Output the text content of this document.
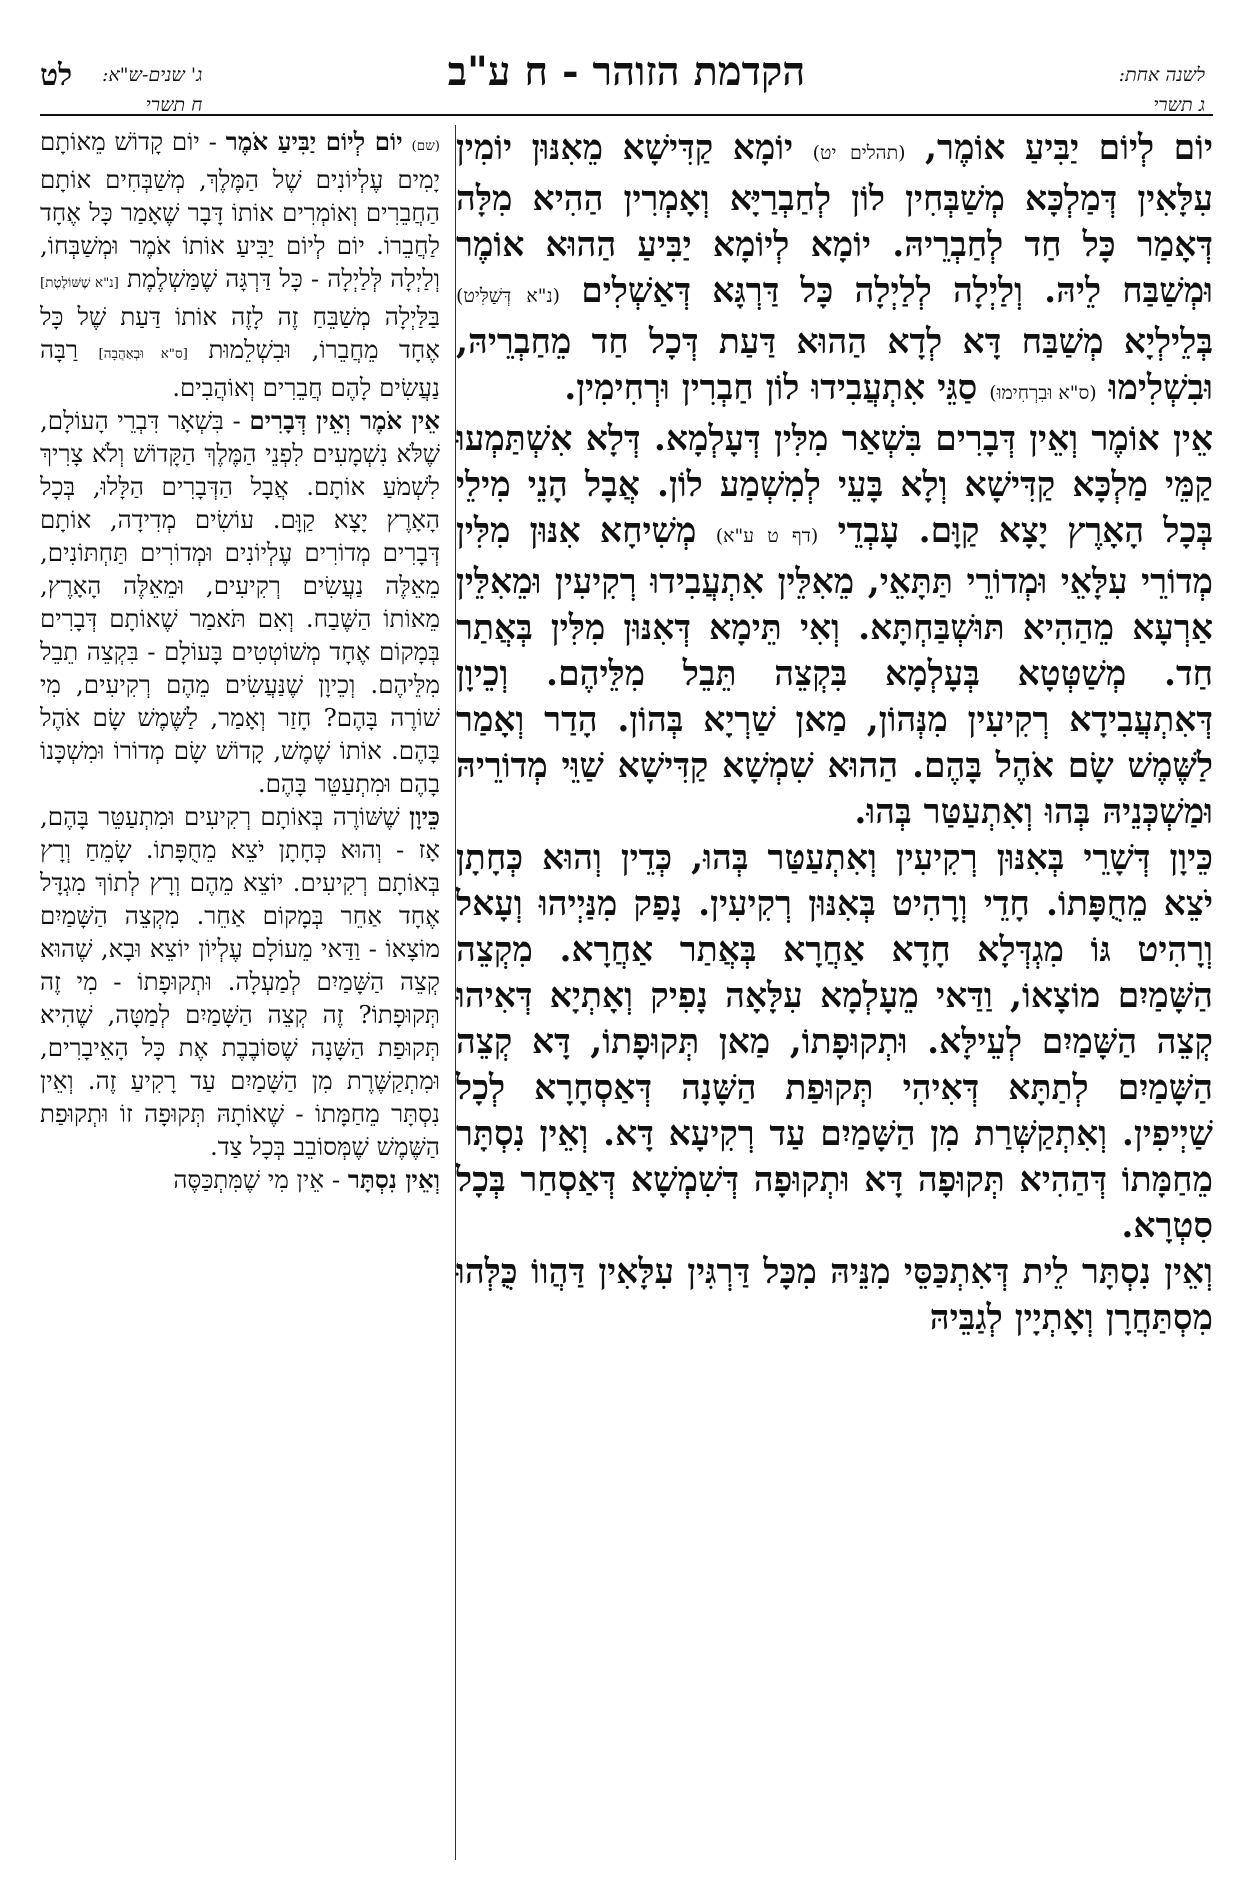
לט ג' שנים-ש"א:
ח תשרי
הקדמת הזוהר - ח ע"ב	לשנה אחת:
ג תשרי

יוֹם לְיוֹם יַבִּיעַ אוֹמֶר, (תהלים יט) יוֹמָא קַדִּישָׁא מֵאִנּוּן יוֹמִין עִלָּאִין דְּמַלְכָּא מְשַׁבְּחִין לוֹן לְחַבְרַיָּא וְאָמְרִין הַהִיא מִלָּה דְּאָמַר כָּל חַד לְחַבְרֵיהּ. יוֹמָא לְיוֹמָא יַבִּיעַ הַהוּא אוֹמֶר וּמְשַׁבַּח לֵיהּ. וְלַיְלָה לְלַיְלָה כָּל דַּרְגָּא דְּאַשְׁלִים (נ"א דְּשַׁלִּיט) בְּלֵילְיָא מְשַׁבַּח דָּא לְדָא הַהוּא דַּעַת דְּכָל חַד מֵחַבְרֵיהּ, וּבִשְׁלִימוּ (ס"א וּבִרְחִימוּ) סַגֵּי אִתְעֲבִידוּ לוֹן חַבְרִין וּרְחִימִין.

אֵין אוֹמֶר וְאֵין דְּבָרִים בִּשְׁאַר מִלִּין דְּעָלְמָא. דְּלָא אִשְׁתַּמְעוּ קַמֵּי מַלְכָּא קַדִּישָׁא וְלָא בָּעֵי לְמִשְׁמַע לוֹן. אֲבָל הָנֵי מִילֵי בְּכָל הָאָרֶץ יָצָא קַוָּם. עָבְדֵי (דף ט ע"א) מְשִׁיחָא אִנּוּן מִלִּין מְדוֹרֵי עִלָּאֵי וּמְדוֹרֵי תַּתָּאֵי, מֵאִלֵּין אִתְעֲבִידוּ רְקִיעִין וּמֵאִלֵּין אַרְעָא מֵהַהִיא תּוּשְׁבַּחְתָּא. וְאִי תֵּימָא דְּאִנּוּן מִלִּין בְּאֲתַר חַד. מְשַׁטְּטָא בְּעָלְמָא בִּקְצֵה תֵּבֵל מִלֵּיהֶם. וְכֵיוָן דְּאִתְעֲבִידָא רְקִיעִין מִנְּהוֹן, מַאן שַׁרְיָא בְּהוֹן. הָדַר וְאָמַר לַשֶּׁמֶשׁ שָׂם אֹהֶל בָּהֶם. הַהוּא שִׁמְשָׁא קַדִּישָׁא שַׁוֵּי מְדוֹרֵיהּ וּמַשְׁכְּנֵיהּ בְּהוּ וְאִתְעַטַּר בְּהוּ.

כֵּיוָן דְּשָׁרֵי בְּאִנּוּן רְקִיעִין וְאִתְעַטַּר בְּהוּ, כְּדֵין וְהוּא כְּחָתָן יֹצֵא מֵחֻפָּתוֹ. חָדֵי וְרָהִיט בְּאִנּוּן רְקִיעִין. נָפַק מִנַּיְיהוּ וְעָאל וְרָהִיט גּוֹ מִגְדְּלָא חָדָא אַחֲרָא בְּאֲתַר אַחֲרָא. מִקְצֵה הַשָּׁמַיִם מוֹצָאוֹ, וַדַּאי מֵעָלְמָא עִלָּאָה נָפִיק וְאָתְיָא דְּאִיהוּ קְצֵה הַשָּׁמַיִם לְעֵילָּא. וּתְקוּפָתוֹ, מַאן תְּקוּפָתוֹ, דָּא קְצֵה הַשָּׁמַיִם לְתַתָּא דְּאִיהִי תְּקוּפַת הַשָּׁנָה דְּאַסְחָרָא לְכָל שַׁיְיפִין. וְאִתְקַשְּׁרַת מִן הַשָּׁמַיִם עַד רְקִיעָא דָּא. וְאֵין נִסְתָּר מֵחַמָּתוֹ דְּהַהִיא תְּקוּפָה דָּא וּתְקוּפָה דְּשִׁמְשָׁא דְּאַסְחַר בְּכָל סִטְרָא.

וְאֵין נִסְתָּר לֵית דְּאִתְכַּסֵּי מִנֵּיהּ מִכָּל דַּרְגִּין עִלָּאִין דַּהֲווֹ כֻּלְּהוּ מִסְתַּחֲרָן וְאָתְיָין לְגַבֵּיהּ

(שם) יוֹם לְיוֹם יַבִּיעַ אֹמֶר - יוֹם קָדוֹשׁ מֵאוֹתָם יָמִים עֶלְיוֹנִים שֶׁל הַמֶּלֶךְ, מְשַׁבְּחִים אוֹתָם הַחֲבֵרִים וְאוֹמְרִים אוֹתוֹ דָּבָר שֶׁאָמַר כָּל אֶחָד לַחֲבֵרוֹ. יוֹם לְיוֹם יַבִּיעַ אוֹתוֹ אֹמֶר וּמְשַׁבְּחוֹ, וְלַיְלָה לְּלַיְלָה - כָּל דַּרְגָּה שֶׁמַּשְׁלֶמֶת [נ"א שֶׁשּׁוֹלֶטֶת] בַּלַּיְלָה מְשַׁבֵּחַ זֶה לָזֶה אוֹתוֹ דַּעַת שֶׁל כָּל אֶחָד מֵחֲבֵרוֹ, וּבִשְׁלֵמוּת [ס"א וּבְאַהֲבָה] רַבָּה נַעֲשִׂים לָהֶם חֲבֵרִים וְאוֹהֲבִים.

אֵין אֹמֶר וְאֵין דְּבָרִים - בִּשְׁאָר דִּבְרֵי הָעוֹלָם, שֶׁלֹּא נִשְׁמָעִים לִפְנֵי הַמֶּלֶךְ הַקָּדוֹשׁ וְלֹא צָרִיךְ לִשְׁמֹעַ אוֹתָם. אֲבָל הַדְּבָרִים הַלָּלוּ, בְּכָל הָאָרֶץ יָצָא קַוָּם. עוֹשִׂים מְדִידָה, אוֹתָם דְּבָרִים מְדוֹרִים עֶלְיוֹנִים וּמְדוֹרִים תַּחְתּוֹנִים, מֵאֵלֶּה נַעֲשִׂים רְקִיעִים, וּמֵאֵלֶּה הָאָרֶץ, מֵאוֹתוֹ הַשֶּׁבַח. וְאִם תֹּאמַר שֶׁאוֹתָם דְּבָרִים בְּמָקוֹם אֶחָד מְשׁוֹטְטִים בָּעוֹלָם - בִּקְצֵה תֵבֵל מִלֵּיהֶם. וְכֵיוָן שֶׁנַּעֲשִׂים מֵהֶם רְקִיעִים, מִי שׁוֹרֶה בָּהֶם? חָזַר וְאָמַר, לַשֶּׁמֶשׁ שָׂם אֹהֶל בָּהֶם. אוֹתוֹ שֶׁמֶשׁ, קָדוֹשׁ שָׂם מְדוֹרוֹ וּמִשְׁכָּנוֹ בָהֶם וּמִתְעַטֵּר בָּהֶם.

כֵּיוָן שֶׁשּׁוֹרֶה בְּאוֹתָם רְקִיעִים וּמִתְעַטֵּר בָּהֶם, אָז - וְהוּא כְּחָתָן יֹצֵא מֵחֻפָּתוֹ. שָׂמֵחַ וְרָץ בְּאוֹתָם רְקִיעִים. יוֹצֵא מֵהֶם וְרָץ לְתוֹךְ מִגְדָּל אֶחָד אַחֵר בְּמָקוֹם אַחֵר. מִקְצֵה הַשָּׁמַיִם מוֹצָאוֹ - וַדַּאי מֵעוֹלָם עֶלְיוֹן יוֹצֵא וּבָא, שֶׁהוּא קְצֵה הַשָּׁמַיִם לְמַעְלָה. וּתְקוּפָתוֹ - מִי זֶה תְּקוּפָתוֹ? זֶה קְצֵה הַשָּׁמַיִם לְמַטָּה, שֶׁהִיא תְּקוּפַת הַשָּׁנָה שֶׁסּוֹבֶבֶת אֶת כָּל הָאֵיבָרִים, וּמִתְקַשֶּׁרֶת מִן הַשָּׁמַיִם עַד רָקִיעַ זֶה. וְאֵין נִסְתָּר מֵחַמָּתוֹ - שֶׁאוֹתָהּ תְּקוּפָה זוֹ וּתְקוּפַת הַשֶּׁמֶשׁ שֶׁמְּסוֹבֵב בְּכָל צַד.

וְאֵין נִסְתָּר - אֵין מִי שֶׁמִּתְכַּסֶּה
